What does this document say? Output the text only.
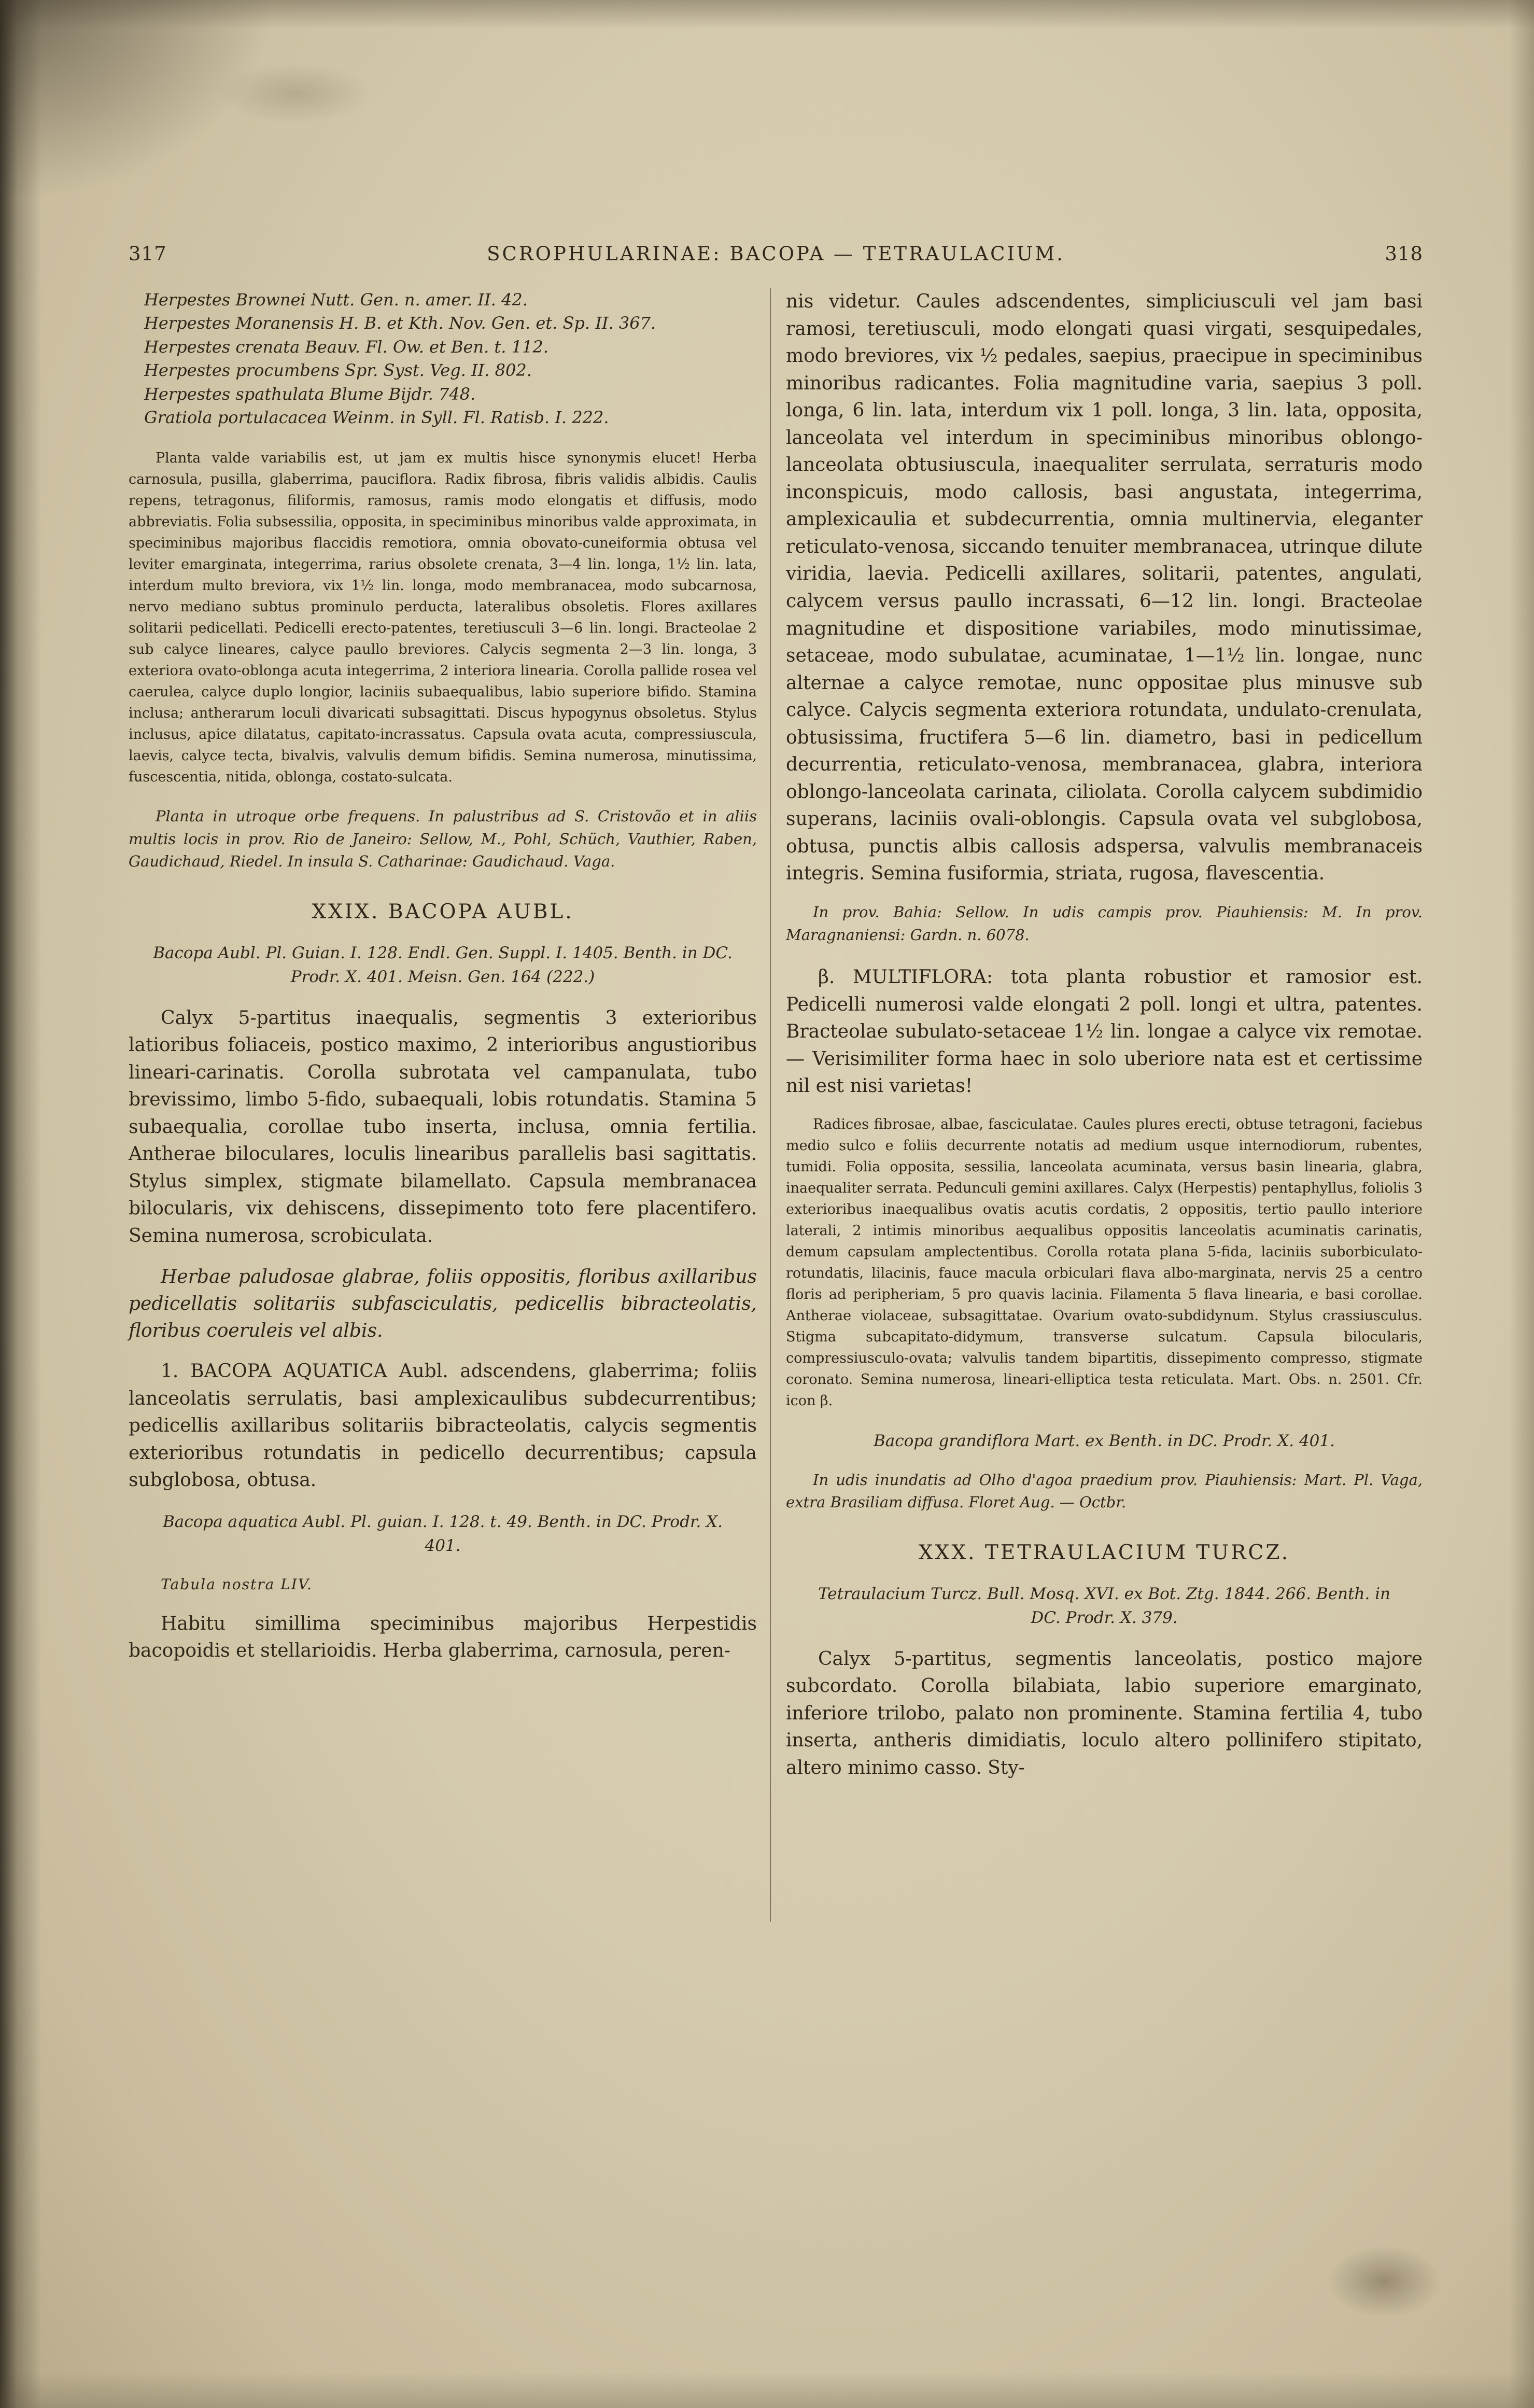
317	SCROPHULARINAE: BACOPA — TETRAULACIUM.	318

Herpestes Brownei Nutt. Gen. n. amer. II. 42.

Herpestes Moranensis H. B. et Kth. Nov. Gen. et. Sp. II. 367.

Herpestes crenata Beauv. Fl. Ow. et Ben. t. 112.

Herpestes procumbens Spr. Syst. Veg. II. 802.

Herpestes spathulata Blume Bijdr. 748.

Gratiola portulacacea Weinm. in Syll. Fl. Ratisb. I. 222.

Planta valde variabilis est, ut jam ex multis hisce synonymis elucet! Herba carnosula, pusilla, glaberrima, pauciflora. Radix fibrosa, fibris validis albidis. Caulis repens, tetragonus, filiformis, ramosus, ramis modo elongatis et diffusis, modo abbreviatis. Folia subsessilia, opposita, in speciminibus minoribus valde approximata, in speciminibus majoribus flaccidis remotiora, omnia obovato-cuneiformia obtusa vel leviter emarginata, integerrima, rarius obsolete crenata, 3—4 lin. longa, 1½ lin. lata, interdum multo breviora, vix 1½ lin. longa, modo membranacea, modo subcarnosa, nervo mediano subtus prominulo perducta, lateralibus obsoletis. Flores axillares solitarii pedicellati. Pedicelli erecto-patentes, teretiusculi 3—6 lin. longi. Bracteolae 2 sub calyce lineares, calyce paullo breviores. Calycis segmenta 2—3 lin. longa, 3 exteriora ovato-oblonga acuta integerrima, 2 interiora linearia. Corolla pallide rosea vel caerulea, calyce duplo longior, laciniis subaequalibus, labio superiore bifido. Stamina inclusa; antherarum loculi divaricati subsagittati. Discus hypogynus obsoletus. Stylus inclusus, apice dilatatus, capitato-incrassatus. Capsula ovata acuta, compressiuscula, laevis, calyce tecta, bivalvis, valvulis demum bifidis. Semina numerosa, minutissima, fuscescentia, nitida, oblonga, costato-sulcata.

Planta in utroque orbe frequens. In palustribus ad S. Cristovão et in aliis multis locis in prov. Rio de Janeiro: Sellow, M., Pohl, Schüch, Vauthier, Raben, Gaudichaud, Riedel. In insula S. Catharinae: Gaudichaud. Vaga.

XXIX. BACOPA AUBL.

Bacopa Aubl. Pl. Guian. I. 128. Endl. Gen. Suppl. I. 1405. Benth. in DC. Prodr. X. 401. Meisn. Gen. 164 (222.)

Calyx 5-partitus inaequalis, segmentis 3 exterioribus latioribus foliaceis, postico maximo, 2 interioribus angustioribus lineari-carinatis. Corolla subrotata vel campanulata, tubo brevissimo, limbo 5-fido, subaequali, lobis rotundatis. Stamina 5 subaequalia, corollae tubo inserta, inclusa, omnia fertilia. Antherae biloculares, loculis linearibus parallelis basi sagittatis. Stylus simplex, stigmate bilamellato. Capsula membranacea bilocularis, vix dehiscens, dissepimento toto fere placentifero. Semina numerosa, scrobiculata.

Herbae paludosae glabrae, foliis oppositis, floribus axillaribus pedicellatis solitariis subfasciculatis, pedicellis bibracteolatis, floribus coeruleis vel albis.

1. BACOPA AQUATICA Aubl. adscendens, glaberrima; foliis lanceolatis serrulatis, basi amplexicaulibus subdecurrentibus; pedicellis axillaribus solitariis bibracteolatis, calycis segmentis exterioribus rotundatis in pedicello decurrentibus; capsula subglobosa, obtusa.

Bacopa aquatica Aubl. Pl. guian. I. 128. t. 49. Benth. in DC. Prodr. X. 401.

Tabula nostra LIV.

Habitu simillima speciminibus majoribus Herpestidis bacopoidis et stellarioidis. Herba glaberrima, carnosula, peren-

nis videtur. Caules adscendentes, simpliciusculi vel jam basi ramosi, teretiusculi, modo elongati quasi virgati, sesquipedales, modo breviores, vix ½ pedales, saepius, praecipue in speciminibus minoribus radicantes. Folia magnitudine varia, saepius 3 poll. longa, 6 lin. lata, interdum vix 1 poll. longa, 3 lin. lata, opposita, lanceolata vel interdum in speciminibus minoribus oblongo-lanceolata obtusiuscula, inaequaliter serrulata, serraturis modo inconspicuis, modo callosis, basi angustata, integerrima, amplexicaulia et subdecurrentia, omnia multinervia, eleganter reticulato-venosa, siccando tenuiter membranacea, utrinque dilute viridia, laevia. Pedicelli axillares, solitarii, patentes, angulati, calycem versus paullo incrassati, 6—12 lin. longi. Bracteolae magnitudine et dispositione variabiles, modo minutissimae, setaceae, modo subulatae, acuminatae, 1—1½ lin. longae, nunc alternae a calyce remotae, nunc oppositae plus minusve sub calyce. Calycis segmenta exteriora rotundata, undulato-crenulata, obtusissima, fructifera 5—6 lin. diametro, basi in pedicellum decurrentia, reticulato-venosa, membranacea, glabra, interiora oblongo-lanceolata carinata, ciliolata. Corolla calycem subdimidio superans, laciniis ovali-oblongis. Capsula ovata vel subglobosa, obtusa, punctis albis callosis adspersa, valvulis membranaceis integris. Semina fusiformia, striata, rugosa, flavescentia.

In prov. Bahia: Sellow. In udis campis prov. Piauhiensis: M. In prov. Maragnaniensi: Gardn. n. 6078.

β. MULTIFLORA: tota planta robustior et ramosior est. Pedicelli numerosi valde elongati 2 poll. longi et ultra, patentes. Bracteolae subulato-setaceae 1½ lin. longae a calyce vix remotae. — Verisimiliter forma haec in solo uberiore nata est et certissime nil est nisi varietas!

Radices fibrosae, albae, fasciculatae. Caules plures erecti, obtuse tetragoni, faciebus medio sulco e foliis decurrente notatis ad medium usque internodiorum, rubentes, tumidi. Folia opposita, sessilia, lanceolata acuminata, versus basin linearia, glabra, inaequaliter serrata. Pedunculi gemini axillares. Calyx (Herpestis) pentaphyllus, foliolis 3 exterioribus inaequalibus ovatis acutis cordatis, 2 oppositis, tertio paullo interiore laterali, 2 intimis minoribus aequalibus oppositis lanceolatis acuminatis carinatis, demum capsulam amplectentibus. Corolla rotata plana 5-fida, laciniis suborbiculato-rotundatis, lilacinis, fauce macula orbiculari flava albo-marginata, nervis 25 a centro floris ad peripheriam, 5 pro quavis lacinia. Filamenta 5 flava linearia, e basi corollae. Antherae violaceae, subsagittatae. Ovarium ovato-subdidynum. Stylus crassiusculus. Stigma subcapitato-didymum, transverse sulcatum. Capsula bilocularis, compressiusculo-ovata; valvulis tandem bipartitis, dissepimento compresso, stigmate coronato. Semina numerosa, lineari-elliptica testa reticulata. Mart. Obs. n. 2501. Cfr. icon β.

Bacopa grandiflora Mart. ex Benth. in DC. Prodr. X. 401.

In udis inundatis ad Olho d'agoa praedium prov. Piauhiensis: Mart. Pl. Vaga, extra Brasiliam diffusa. Floret Aug. — Octbr.

XXX. TETRAULACIUM TURCZ.

Tetraulacium Turcz. Bull. Mosq. XVI. ex Bot. Ztg. 1844. 266. Benth. in DC. Prodr. X. 379.

Calyx 5-partitus, segmentis lanceolatis, postico majore subcordato. Corolla bilabiata, labio superiore emarginato, inferiore trilobo, palato non prominente. Stamina fertilia 4, tubo inserta, antheris dimidiatis, loculo altero pollinifero stipitato, altero minimo casso. Sty-
